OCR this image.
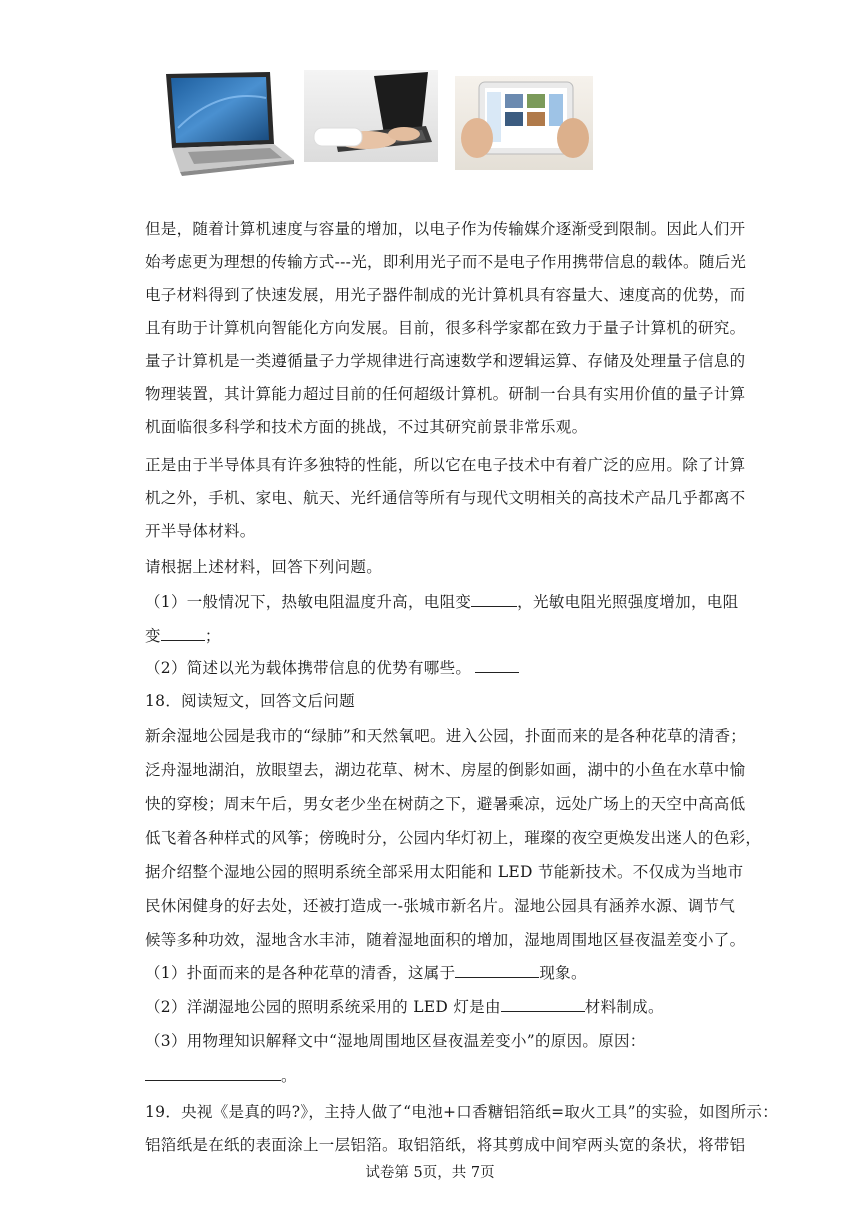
但是，随着计算机速度与容量的增加，以电子作为传输媒介逐渐受到限制。因此人们开
始考虑更为理想的传输方式---光，即利用光子而不是电子作用携带信息的载体。随后光
电子材料得到了快速发展，用光子器件制成的光计算机具有容量大、速度高的优势，而
且有助于计算机向智能化方向发展。目前，很多科学家都在致力于量子计算机的研究。
量子计算机是一类遵循量子力学规律进行高速数学和逻辑运算、存储及处理量子信息的
物理装置，其计算能力超过目前的任何超级计算机。研制一台具有实用价值的量子计算
机面临很多科学和技术方面的挑战，不过其研究前景非常乐观。
正是由于半导体具有许多独特的性能，所以它在电子技术中有着广泛的应用。除了计算
机之外，手机、家电、航天、光纤通信等所有与现代文明相关的高技术产品几乎都离不
开半导体材料。
请根据上述材料，回答下列问题。
（1）一般情况下，热敏电阻温度升高，电阻变	，光敏电阻光照强度增加，电阻
变	；
（2）简述以光为载体携带信息的优势有哪些。
18．阅读短文，回答文后问题
新余湿地公园是我市的“绿肺”和天然氧吧。进入公园，扑面而来的是各种花草的清香；
泛舟湿地湖泊，放眼望去，湖边花草、树木、房屋的倒影如画，湖中的小鱼在水草中愉
快的穿梭；周末午后，男女老少坐在树荫之下，避暑乘凉，远处广场上的天空中高高低
低飞着各种样式的风筝；傍晚时分，公园内华灯初上，璀璨的夜空更焕发出迷人的色彩，
据介绍整个湿地公园的照明系统全部采用太阳能和 LED 节能新技术。不仅成为当地市
民休闲健身的好去处，还被打造成一-张城市新名片。湿地公园具有涵养水源、调节气
候等多种功效，湿地含水丰沛，随着湿地面积的增加，湿地周围地区昼夜温差变小了。
（1）扑面而来的是各种花草的清香，这属于	现象。
（2）洋湖湿地公园的照明系统采用的 LED 灯是由	材料制成。
（3）用物理知识解释文中“湿地周围地区昼夜温差变小”的原因。原因：
。
19．央视《是真的吗?》，主持人做了“电池+口香糖铝箔纸=取火工具”的实验，如图所示：
铝箔纸是在纸的表面涂上一层铝箔。取铝箔纸，将其剪成中间窄两头宽的条状，将带铝
试卷第 5页，共 7页
